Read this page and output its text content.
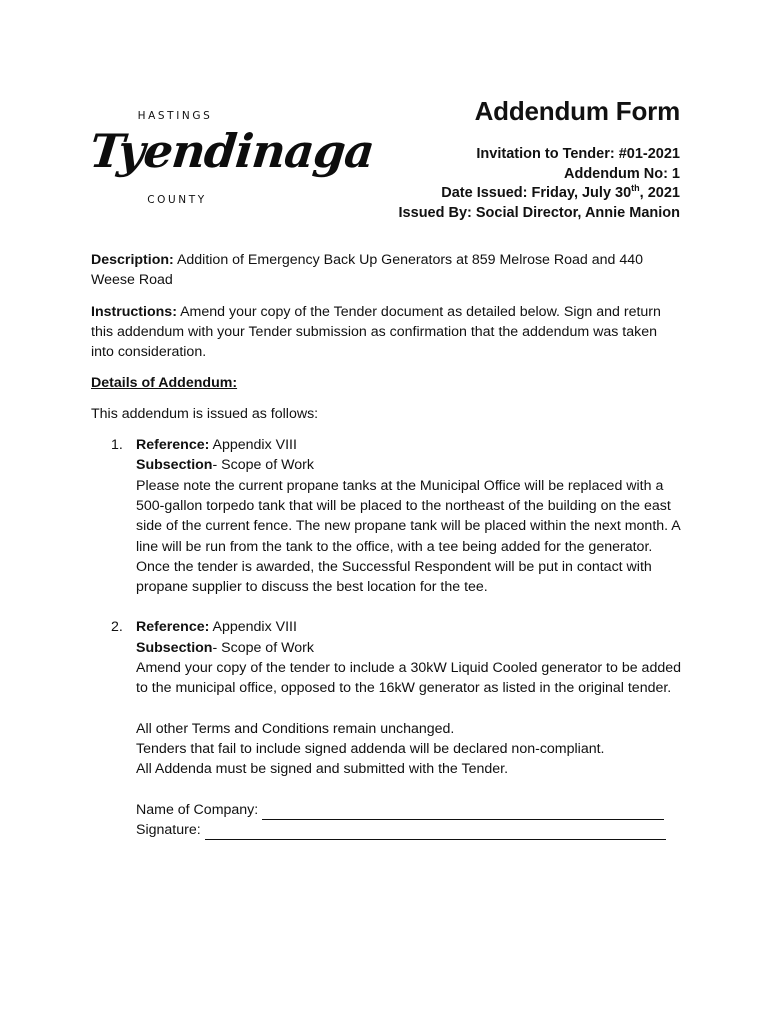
HASTINGS
Tyendinaga
COUNTY
Addendum Form
Invitation to Tender: #01-2021
Addendum No: 1
Date Issued: Friday, July 30th, 2021
Issued By: Social Director, Annie Manion

Description: Addition of Emergency Back Up Generators at 859 Melrose Road and 440 Weese Road

Instructions: Amend your copy of the Tender document as detailed below. Sign and return this addendum with your Tender submission as confirmation that the addendum was taken into consideration.

Details of Addendum:

This addendum is issued as follows:

1. Reference: Appendix VIII
Subsection- Scope of Work
Please note the current propane tanks at the Municipal Office will be replaced with a 500-gallon torpedo tank that will be placed to the northeast of the building on the east side of the current fence. The new propane tank will be placed within the next month. A line will be run from the tank to the office, with a tee being added for the generator. Once the tender is awarded, the Successful Respondent will be put in contact with propane supplier to discuss the best location for the tee.
2. Reference: Appendix VIII
Subsection- Scope of Work
Amend your copy of the tender to include a 30kW Liquid Cooled generator to be added to the municipal office, opposed to the 16kW generator as listed in the original tender.

All other Terms and Conditions remain unchanged.

Tenders that fail to include signed addenda will be declared non-compliant.

All Addenda must be signed and submitted with the Tender.

Name of Company:
Signature:
